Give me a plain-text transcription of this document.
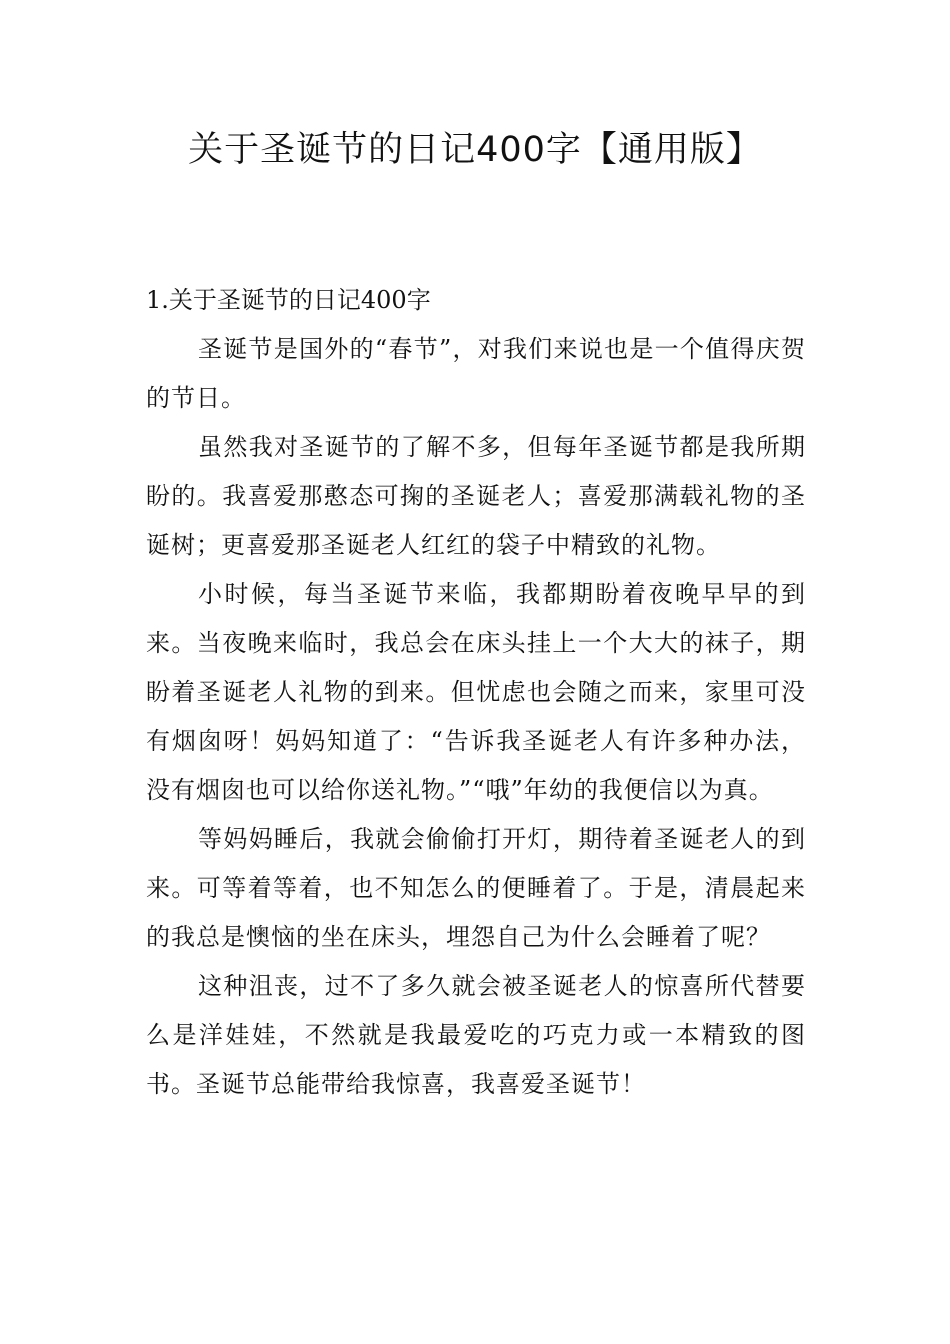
关于圣诞节的日记400字【通用版】

1.关于圣诞节的日记400字

圣诞节是国外的“春节”，对我们来说也是一个值得庆贺的节日。

虽然我对圣诞节的了解不多，但每年圣诞节都是我所期盼的。我喜爱那憨态可掬的圣诞老人；喜爱那满载礼物的圣诞树；更喜爱那圣诞老人红红的袋子中精致的礼物。

小时候，每当圣诞节来临，我都期盼着夜晚早早的到来。当夜晚来临时，我总会在床头挂上一个大大的袜子，期盼着圣诞老人礼物的到来。但忧虑也会随之而来，家里可没有烟囱呀！妈妈知道了：“告诉我圣诞老人有许多种办法，没有烟囱也可以给你送礼物。”“哦”年幼的我便信以为真。

等妈妈睡后，我就会偷偷打开灯，期待着圣诞老人的到来。可等着等着，也不知怎么的便睡着了。于是，清晨起来的我总是懊恼的坐在床头，埋怨自己为什么会睡着了呢？

这种沮丧，过不了多久就会被圣诞老人的惊喜所代替要么是洋娃娃，不然就是我最爱吃的巧克力或一本精致的图书。圣诞节总能带给我惊喜，我喜爱圣诞节！
